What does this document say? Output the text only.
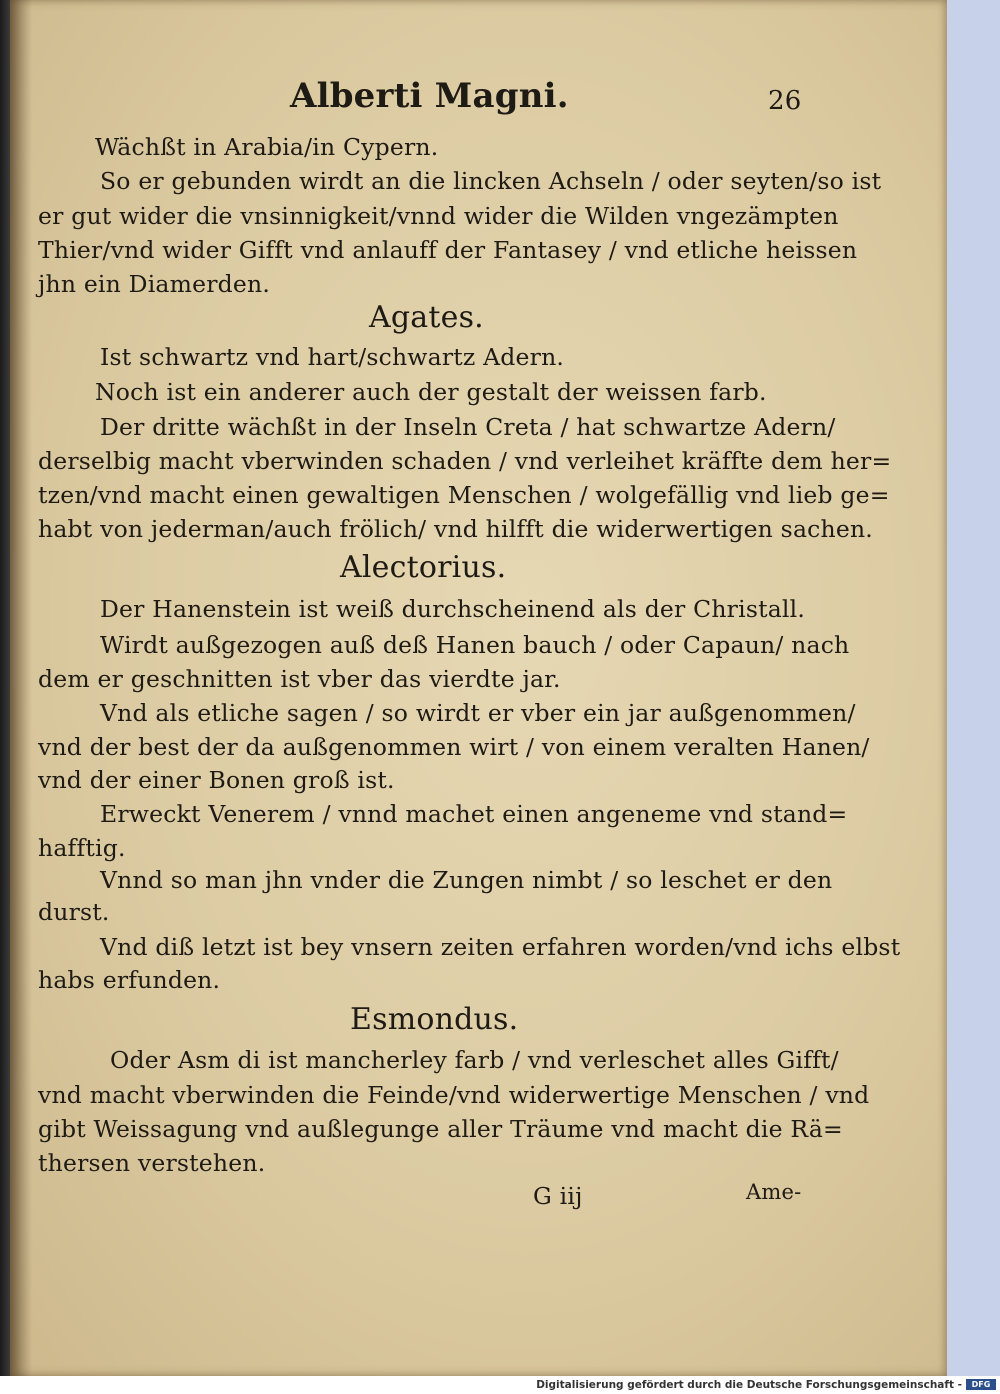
Alberti Magni.	26
Wächßt in Arabia/in Cypern.
So er gebunden wirdt an die lincken Achseln / oder seyten/so ist
er gut wider die vnsinnigkeit/vnnd wider die Wilden vngezämpten
Thier/vnd wider Gifft vnd anlauff der Fantasey / vnd etliche heissen
jhn ein Diamerden.
Agates.
Ist schwartz vnd hart/schwartz Adern.
Noch ist ein anderer auch der gestalt der weissen farb.
Der dritte wächßt in der Inseln Creta / hat schwartze Adern/
derselbig macht vberwinden schaden / vnd verleihet kräffte dem her=
tzen/vnd macht einen gewaltigen Menschen / wolgefällig vnd lieb ge=
habt von jederman/auch frölich/ vnd hilfft die widerwertigen sachen.
Alectorius.
Der Hanenstein ist weiß durchscheinend als der Christall.
Wirdt außgezogen auß deß Hanen bauch / oder Capaun/ nach
dem er geschnitten ist vber das vierdte jar.
Vnd als etliche sagen / so wirdt er vber ein jar außgenommen/
vnd der best der da außgenommen wirt / von einem veralten Hanen/
vnd der einer Bonen groß ist.
Erweckt Venerem / vnnd machet einen angeneme vnd stand=
hafftig.
Vnnd so man jhn vnder die Zungen nimbt / so leschet er den
durst.
Vnd diß letzt ist bey vnsern zeiten erfahren worden/vnd ichs elbst
habs erfunden.
Esmondus.
Oder Asm di ist mancherley farb / vnd verleschet alles Gifft/
vnd macht vberwinden die Feinde/vnd widerwertige Menschen / vnd
gibt Weissagung vnd außlegunge aller Träume vnd macht die Rä=
thersen verstehen.
G iij	Ame-
Digitalisierung gefördert durch die Deutsche Forschungsgemeinschaft -	DFG
